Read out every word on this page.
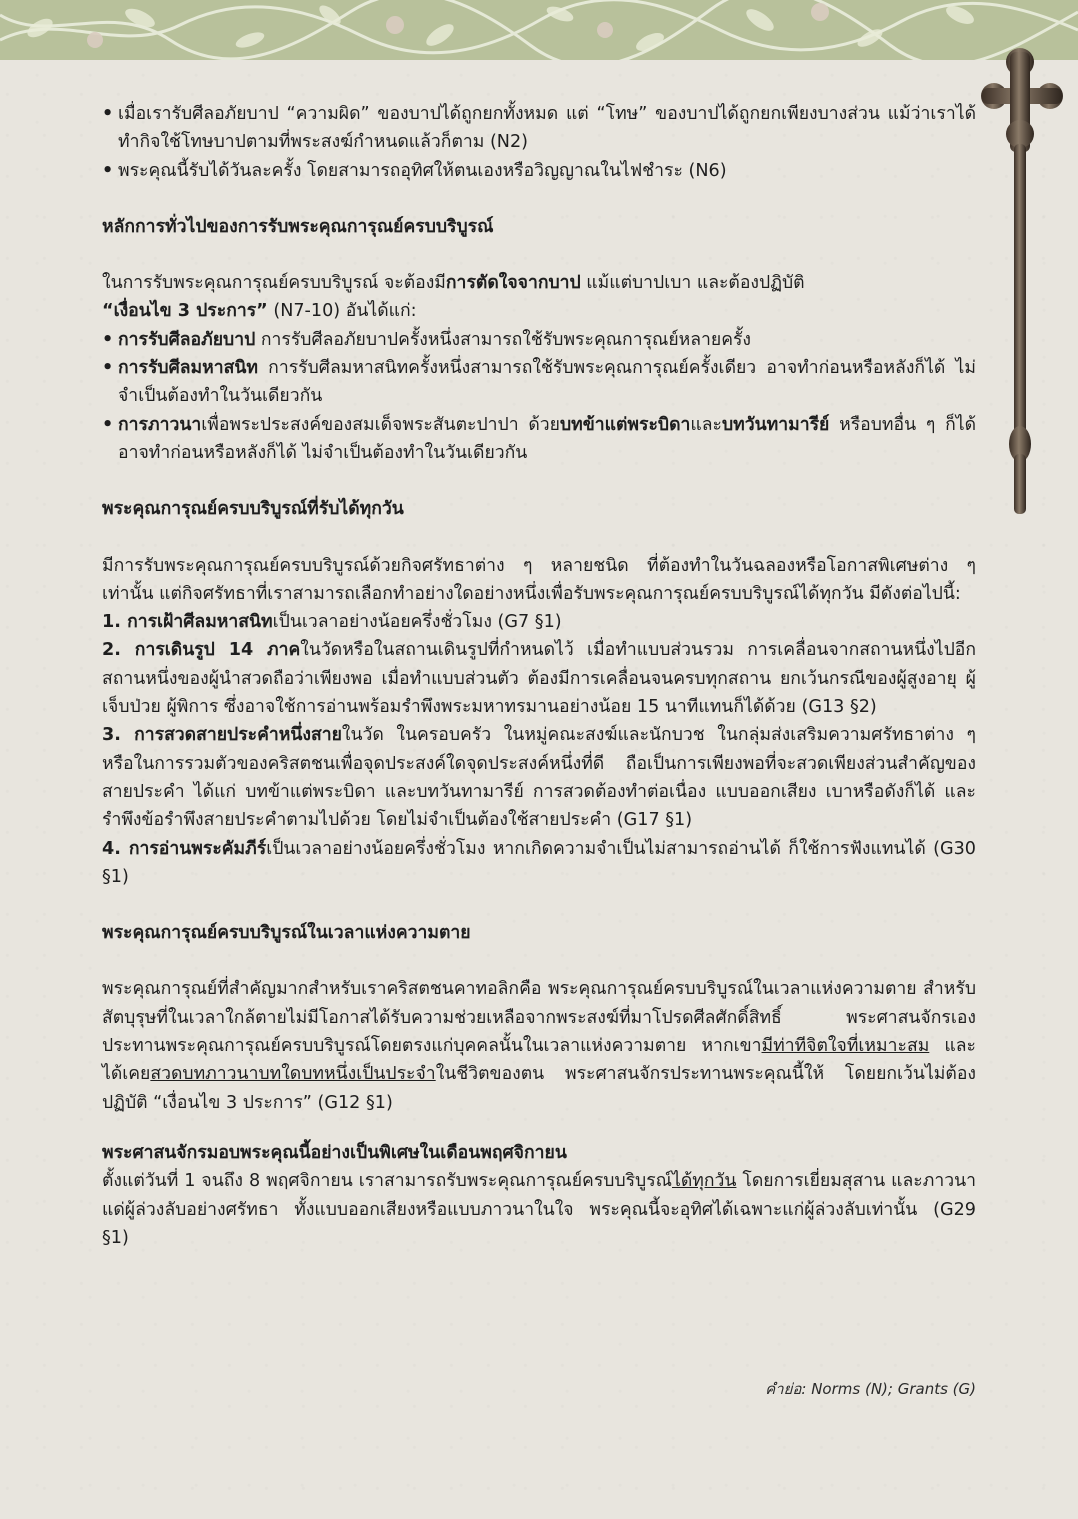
• เมื่อเรารับศีลอภัยบาป “ความผิด” ของบาปได้ถูกยกทั้งหมด แต่ “โทษ” ของบาปได้ถูกยกเพียงบางส่วน แม้ว่าเราได้ทำกิจใช้โทษบาปตามที่พระสงฆ์กำหนดแล้วก็ตาม (N2)
• พระคุณนี้รับได้วันละครั้ง โดยสามารถอุทิศให้ตนเองหรือวิญญาณในไฟชำระ (N6)

หลักการทั่วไปของการรับพระคุณการุณย์ครบบริบูรณ์

ในการรับพระคุณการุณย์ครบบริบูรณ์ จะต้องมีการตัดใจจากบาป แม้แต่บาปเบา และต้องปฏิบัติ
“เงื่อนไข 3 ประการ” (N7-10) อันได้แก่:

• การรับศีลอภัยบาป การรับศีลอภัยบาปครั้งหนึ่งสามารถใช้รับพระคุณการุณย์หลายครั้ง
• การรับศีลมหาสนิท การรับศีลมหาสนิทครั้งหนึ่งสามารถใช้รับพระคุณการุณย์ครั้งเดียว อาจทำก่อนหรือหลังก็ได้ ไม่จำเป็นต้องทำในวันเดียวกัน
• การภาวนาเพื่อพระประสงค์ของสมเด็จพระสันตะปาปา ด้วยบทข้าแต่พระบิดาและบทวันทามารีย์ หรือบทอื่น ๆ ก็ได้ อาจทำก่อนหรือหลังก็ได้ ไม่จำเป็นต้องทำในวันเดียวกัน

พระคุณการุณย์ครบบริบูรณ์ที่รับได้ทุกวัน

มีการรับพระคุณการุณย์ครบบริบูรณ์ด้วยกิจศรัทธาต่าง ๆ หลายชนิด ที่ต้องทำในวันฉลองหรือโอกาสพิเศษต่าง ๆ เท่านั้น แต่กิจศรัทธาที่เราสามารถเลือกทำอย่างใดอย่างหนึ่งเพื่อรับพระคุณการุณย์ครบบริบูรณ์ได้ทุกวัน มีดังต่อไปนี้:

1. การเฝ้าศีลมหาสนิทเป็นเวลาอย่างน้อยครึ่งชั่วโมง (G7 §1)

2. การเดินรูป 14 ภาคในวัดหรือในสถานเดินรูปที่กำหนดไว้ เมื่อทำแบบส่วนรวม การเคลื่อนจากสถานหนึ่งไปอีกสถานหนึ่งของผู้นำสวดถือว่าเพียงพอ เมื่อทำแบบส่วนตัว ต้องมีการเคลื่อนจนครบทุกสถาน ยกเว้นกรณีของผู้สูงอายุ ผู้เจ็บป่วย ผู้พิการ ซึ่งอาจใช้การอ่านพร้อมรำพึงพระมหาทรมานอย่างน้อย 15 นาทีแทนก็ได้ด้วย (G13 §2)

3. การสวดสายประคำหนึ่งสายในวัด ในครอบครัว ในหมู่คณะสงฆ์และนักบวช ในกลุ่มส่งเสริมความศรัทธาต่าง ๆ หรือในการรวมตัวของคริสตชนเพื่อจุดประสงค์ใดจุดประสงค์หนึ่งที่ดี ถือเป็นการเพียงพอที่จะสวดเพียงส่วนสำคัญของสายประคำ ได้แก่ บทข้าแต่พระบิดา และบทวันทามารีย์ การสวดต้องทำต่อเนื่อง แบบออกเสียง เบาหรือดังก็ได้ และรำพึงข้อรำพึงสายประคำตามไปด้วย โดยไม่จำเป็นต้องใช้สายประคำ (G17 §1)

4. การอ่านพระคัมภีร์เป็นเวลาอย่างน้อยครึ่งชั่วโมง หากเกิดความจำเป็นไม่สามารถอ่านได้ ก็ใช้การฟังแทนได้ (G30 §1)

พระคุณการุณย์ครบบริบูรณ์ในเวลาแห่งความตาย

พระคุณการุณย์ที่สำคัญมากสำหรับเราคริสตชนคาทอลิกคือ พระคุณการุณย์ครบบริบูรณ์ในเวลาแห่งความตาย สำหรับสัตบุรุษที่ในเวลาใกล้ตายไม่มีโอกาสได้รับความช่วยเหลือจากพระสงฆ์ที่มาโปรดศีลศักดิ์สิทธิ์ พระศาสนจักรเองประทานพระคุณการุณย์ครบบริบูรณ์โดยตรงแก่บุคคลนั้นในเวลาแห่งความตาย หากเขามีท่าทีจิตใจที่เหมาะสม และได้เคยสวดบทภาวนาบทใดบทหนึ่งเป็นประจำในชีวิตของตน พระศาสนจักรประทานพระคุณนี้ให้ โดยยกเว้นไม่ต้องปฏิบัติ “เงื่อนไข 3 ประการ” (G12 §1)

พระศาสนจักรมอบพระคุณนี้อย่างเป็นพิเศษในเดือนพฤศจิกายน

ตั้งแต่วันที่ 1 จนถึง 8 พฤศจิกายน เราสามารถรับพระคุณการุณย์ครบบริบูรณ์ได้ทุกวัน โดยการเยี่ยมสุสาน และภาวนาแด่ผู้ล่วงลับอย่างศรัทธา ทั้งแบบออกเสียงหรือแบบภาวนาในใจ พระคุณนี้จะอุทิศได้เฉพาะแก่ผู้ล่วงลับเท่านั้น (G29 §1)

คำย่อ: Norms (N); Grants (G)
